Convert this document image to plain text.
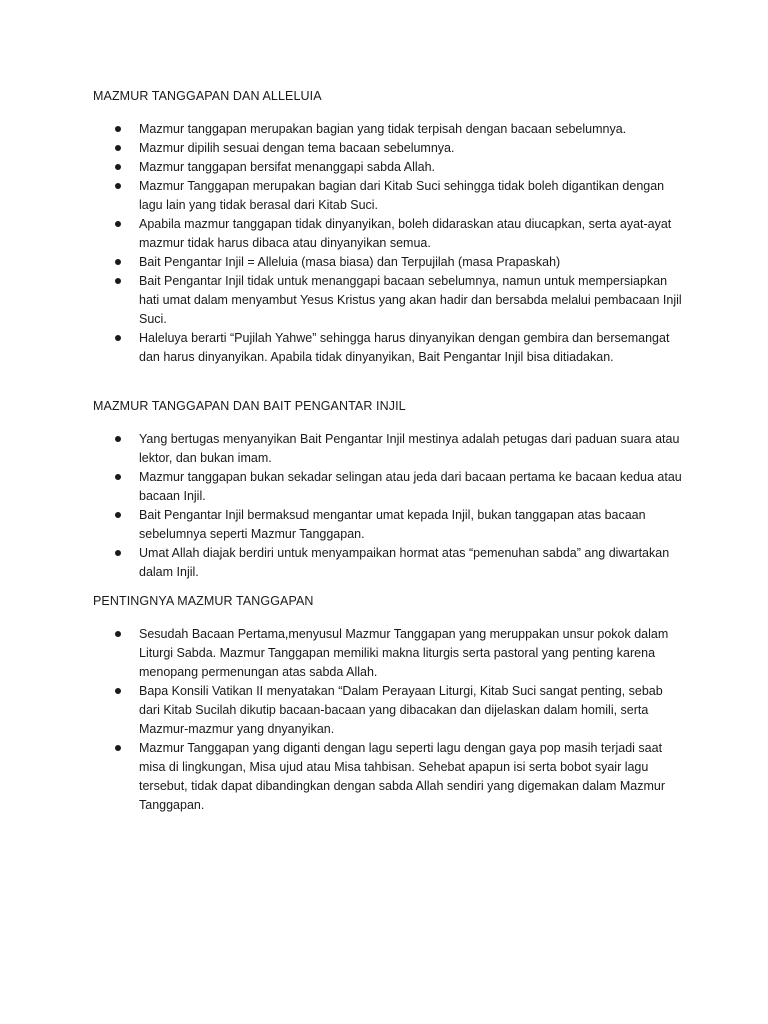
MAZMUR TANGGAPAN DAN ALLELUIA
Mazmur tanggapan merupakan bagian yang tidak terpisah dengan bacaan sebelumnya.
Mazmur dipilih sesuai dengan tema bacaan sebelumnya.
Mazmur tanggapan bersifat menanggapi sabda Allah.
Mazmur Tanggapan merupakan bagian dari Kitab Suci sehingga tidak boleh digantikan dengan lagu lain yang tidak berasal dari Kitab Suci.
Apabila mazmur tanggapan tidak dinyanyikan, boleh didaraskan atau diucapkan, serta ayat-ayat mazmur tidak harus dibaca atau dinyanyikan semua.
Bait Pengantar Injil = Alleluia (masa biasa) dan Terpujilah (masa Prapaskah)
Bait Pengantar Injil tidak untuk menanggapi bacaan sebelumnya, namun untuk mempersiapkan hati umat dalam menyambut Yesus Kristus yang akan hadir dan bersabda melalui pembacaan Injil Suci.
Haleluya berarti “Pujilah Yahwe” sehingga harus dinyanyikan dengan gembira dan bersemangat dan harus dinyanyikan. Apabila tidak dinyanyikan, Bait Pengantar Injil bisa ditiadakan.
MAZMUR TANGGAPAN DAN BAIT PENGANTAR INJIL
Yang bertugas menyanyikan Bait Pengantar Injil mestinya adalah petugas dari paduan suara atau lektor, dan bukan imam.
Mazmur tanggapan bukan sekadar selingan atau jeda dari bacaan pertama ke bacaan kedua atau bacaan Injil.
Bait Pengantar Injil bermaksud mengantar umat kepada Injil, bukan tanggapan atas bacaan sebelumnya seperti Mazmur Tanggapan.
Umat Allah diajak berdiri untuk menyampaikan hormat atas “pemenuhan sabda” ang diwartakan dalam Injil.
PENTINGNYA MAZMUR TANGGAPAN
Sesudah Bacaan Pertama,menyusul Mazmur Tanggapan yang meruppakan unsur pokok dalam Liturgi Sabda. Mazmur Tanggapan memiliki makna liturgis serta pastoral yang penting karena menopang permenungan atas sabda Allah.
Bapa Konsili Vatikan II menyatakan “Dalam Perayaan Liturgi, Kitab Suci sangat penting, sebab dari Kitab Sucilah dikutip bacaan-bacaan yang dibacakan dan dijelaskan dalam homili, serta Mazmur-mazmur yang dnyanyikan.
Mazmur Tanggapan yang diganti dengan lagu seperti lagu dengan gaya pop masih terjadi saat misa di lingkungan, Misa ujud atau Misa tahbisan. Sehebat apapun isi serta bobot syair lagu tersebut, tidak dapat dibandingkan dengan sabda Allah sendiri yang digemakan dalam Mazmur Tanggapan.
